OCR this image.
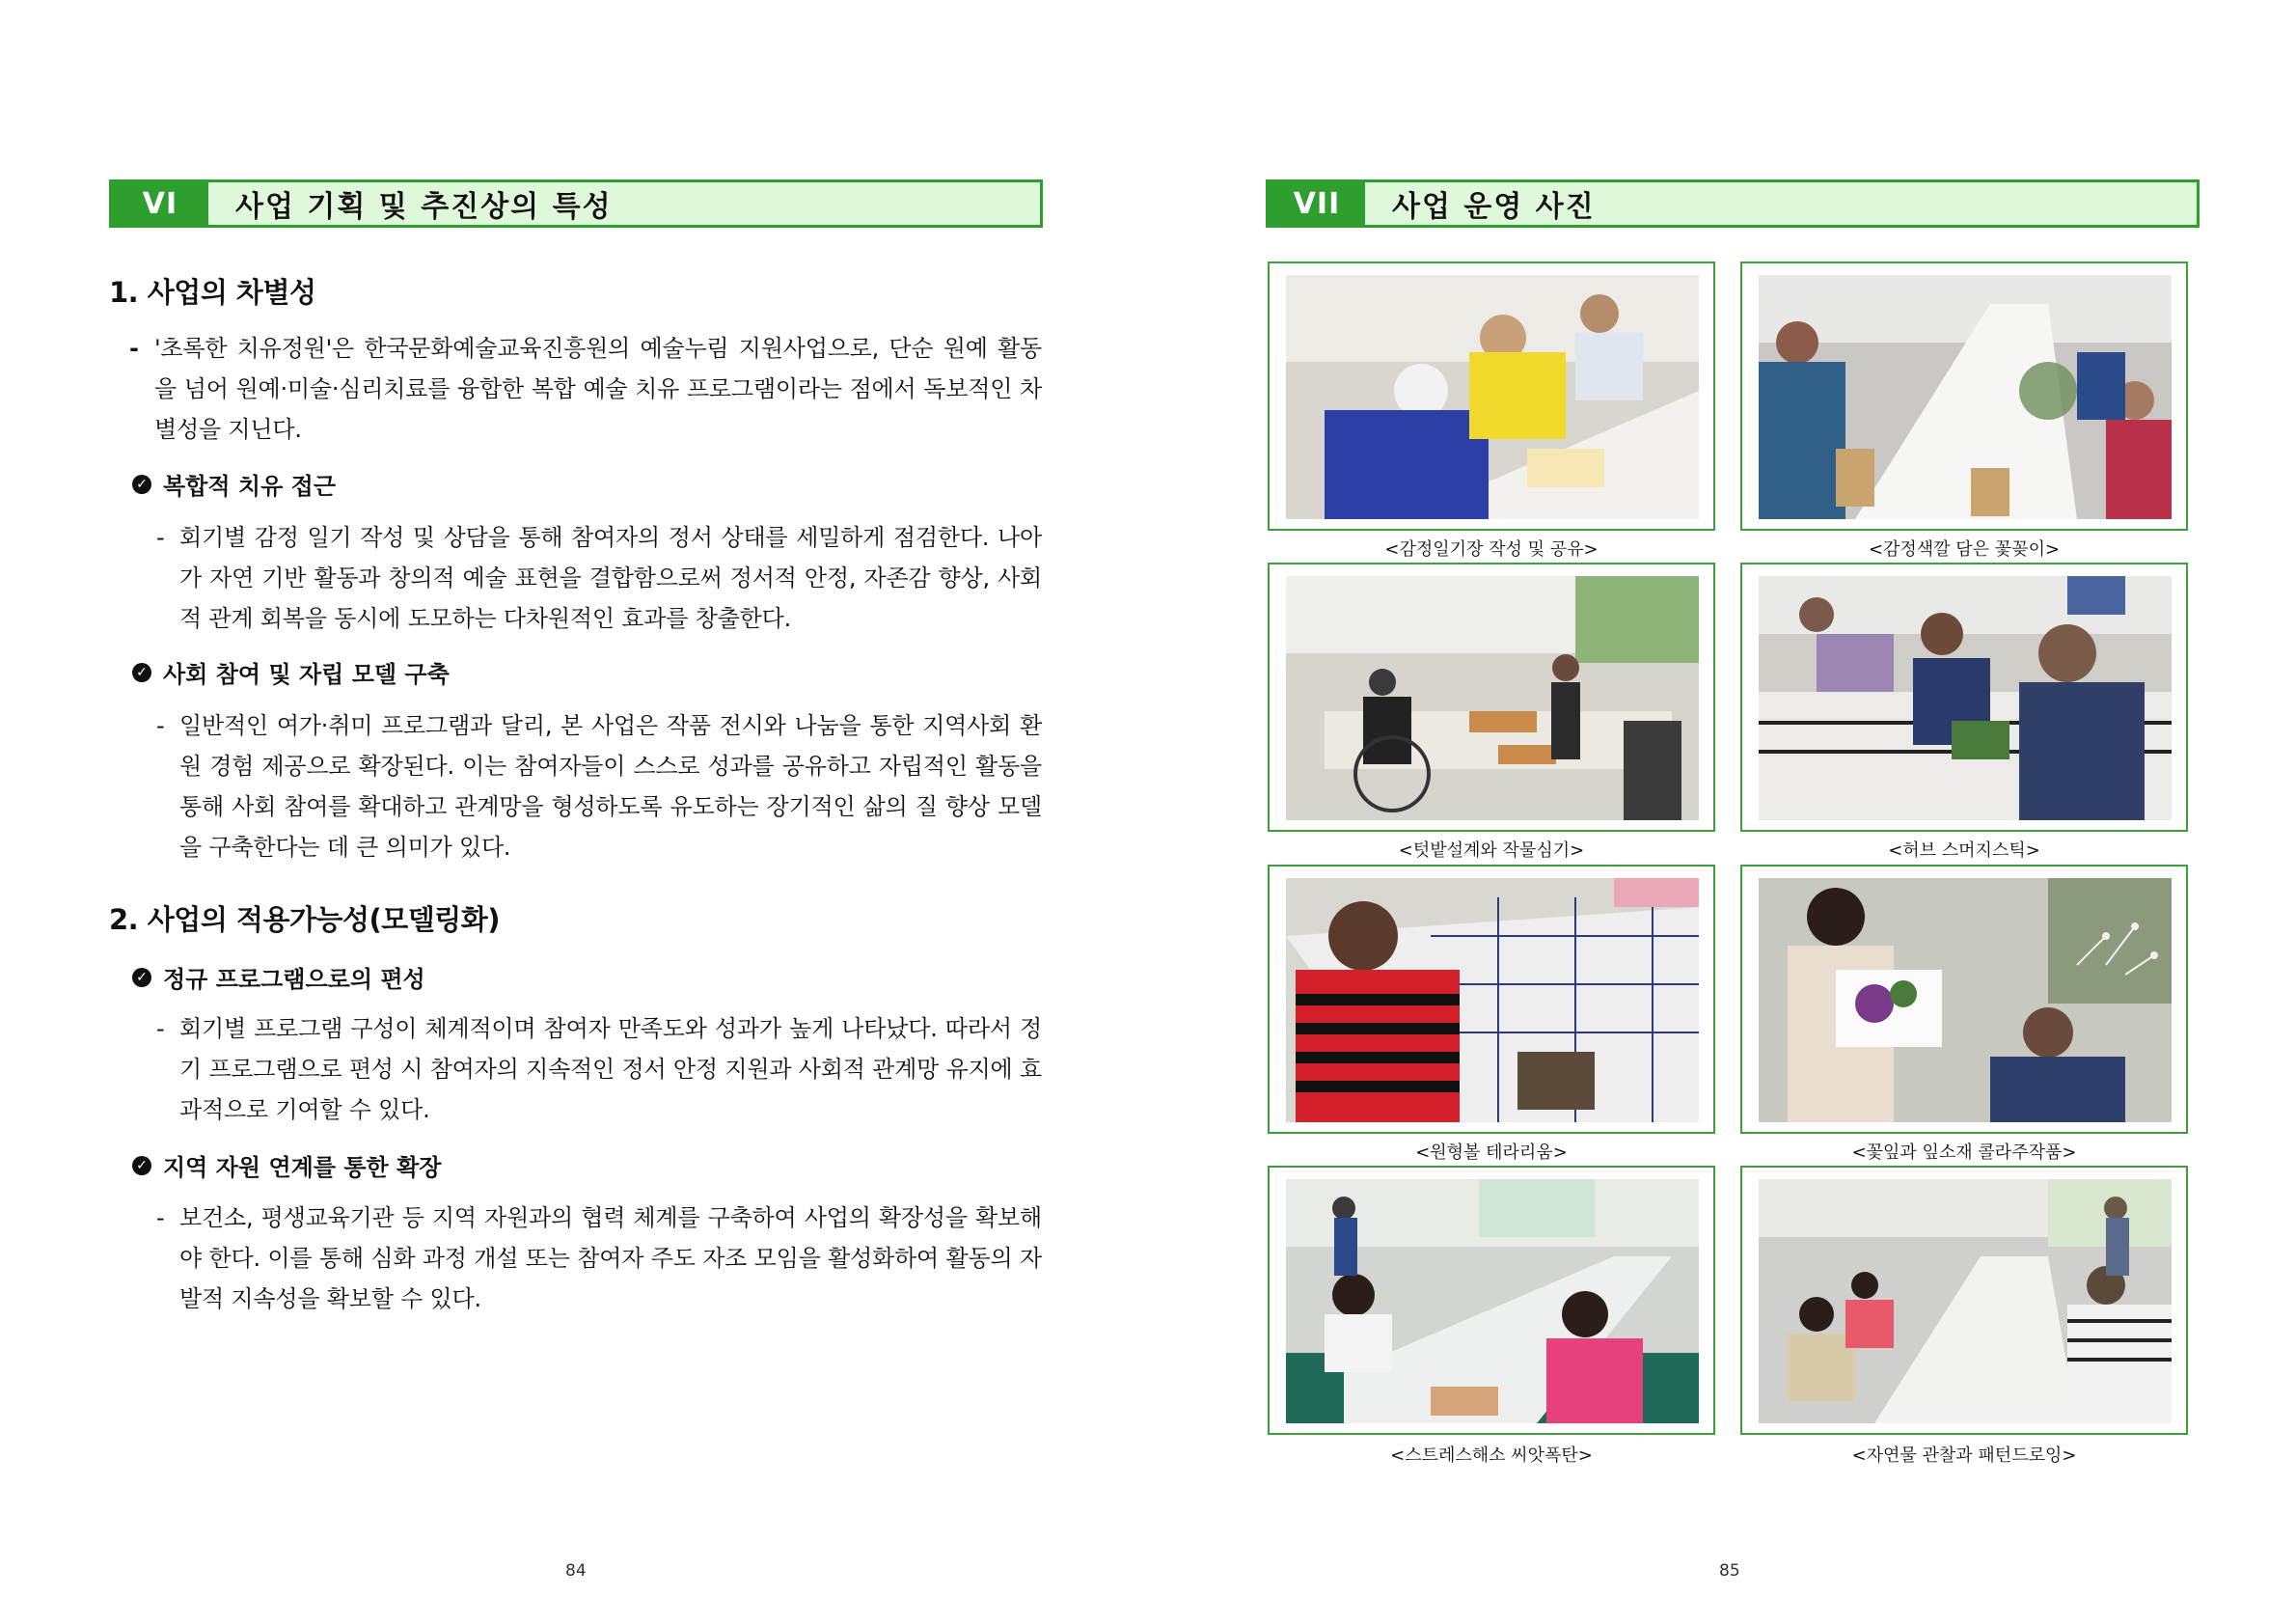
VI	사업 기획 및 추진상의 특성
1. 사업의 차별성
- '초록한 치유정원'은 한국문화예술교육진흥원의 예술누림 지원사업으로, 단순 원예 활동을 넘어 원예·미술·심리치료를 융합한 복합 예술 치유 프로그램이라는 점에서 독보적인 차별성을 지닌다.
✓ 복합적 치유 접근
- 회기별 감정 일기 작성 및 상담을 통해 참여자의 정서 상태를 세밀하게 점검한다. 나아가 자연 기반 활동과 창의적 예술 표현을 결합함으로써 정서적 안정, 자존감 향상, 사회적 관계 회복을 동시에 도모하는 다차원적인 효과를 창출한다.
✓ 사회 참여 및 자립 모델 구축
- 일반적인 여가·취미 프로그램과 달리, 본 사업은 작품 전시와 나눔을 통한 지역사회 환원 경험 제공으로 확장된다. 이는 참여자들이 스스로 성과를 공유하고 자립적인 활동을 통해 사회 참여를 확대하고 관계망을 형성하도록 유도하는 장기적인 삶의 질 향상 모델을 구축한다는 데 큰 의미가 있다.
2. 사업의 적용가능성(모델링화)
✓ 정규 프로그램으로의 편성
- 회기별 프로그램 구성이 체계적이며 참여자 만족도와 성과가 높게 나타났다. 따라서 정기 프로그램으로 편성 시 참여자의 지속적인 정서 안정 지원과 사회적 관계망 유지에 효과적으로 기여할 수 있다.
✓ 지역 자원 연계를 통한 확장
- 보건소, 평생교육기관 등 지역 자원과의 협력 체계를 구축하여 사업의 확장성을 확보해야 한다. 이를 통해 심화 과정 개설 또는 참여자 주도 자조 모임을 활성화하여 활동의 자발적 지속성을 확보할 수 있다.
84
VII	사업 운영 사진
<감정일기장 작성 및 공유>	<감정색깔 담은 꽃꽂이>
<텃밭설계와 작물심기>	<허브 스머지스틱>
<원형볼 테라리움>	<꽃잎과 잎소재 콜라주작품>
<스트레스해소 씨앗폭탄>	<자연물 관찰과 패턴드로잉>
85
